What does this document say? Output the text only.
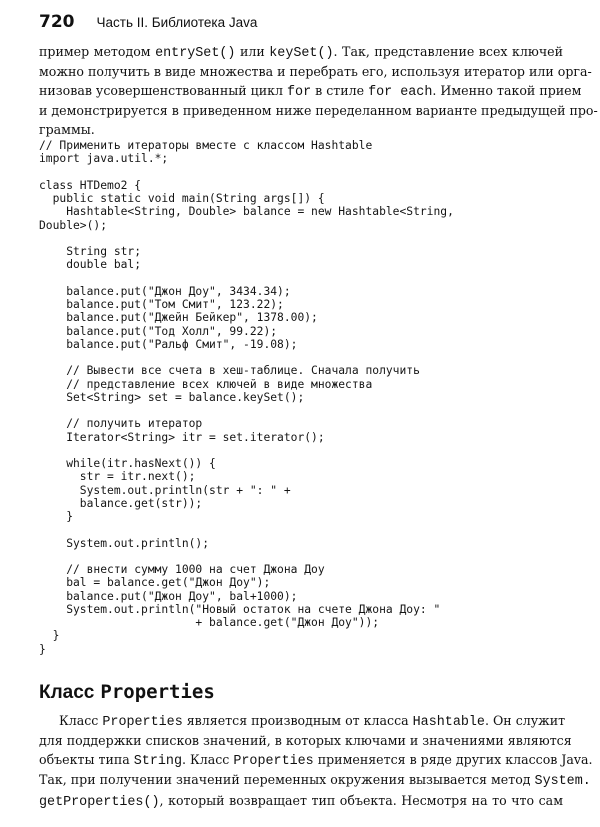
720 Часть II. Библиотека Java

пример методом entrySet() или keySet(). Так, представление всех ключей
можно получить в виде множества и перебрать его, используя итератор или орга-
низовав усовершенствованный цикл for в стиле for each. Именно такой прием
и демонстрируется в приведенном ниже переделанном варианте предыдущей про-
граммы.

// Применить итераторы вместе с классом Hashtable
import java.util.*;
class HTDemo2 {
public static void main(String args[]) {
Hashtable<String, Double> balance = new Hashtable<String,
Double>();
String str;
double bal;
balance.put("Джон Доу", 3434.34);
balance.put("Том Смит", 123.22);
balance.put("Джейн Бейкер", 1378.00);
balance.put("Тод Холл", 99.22);
balance.put("Ральф Смит", -19.08);
// Вывести все счета в хеш-таблице. Сначала получить
// представление всех ключей в виде множества
Set<String> set = balance.keySet();
// получить итератор
Iterator<String> itr = set.iterator();
while(itr.hasNext()) {
str = itr.next();
System.out.println(str + ": " +
balance.get(str));
}
System.out.println();
// внести сумму 1000 на счет Джона Доу
bal = balance.get("Джон Доу");
balance.put("Джон Доу", bal+1000);
System.out.println("Новый остаток на счете Джона Доу: "
+ balance.get("Джон Доу"));
}
}
Класс Properties

Класс Properties является производным от класса Hashtable. Он служит
для поддержки списков значений, в которых ключами и значениями являются
объекты типа String. Класс Properties применяется в ряде других классов Java.
Так, при получении значений переменных окружения вызывается метод System.
getProperties(), который возвращает тип объекта. Несмотря на то что сам
